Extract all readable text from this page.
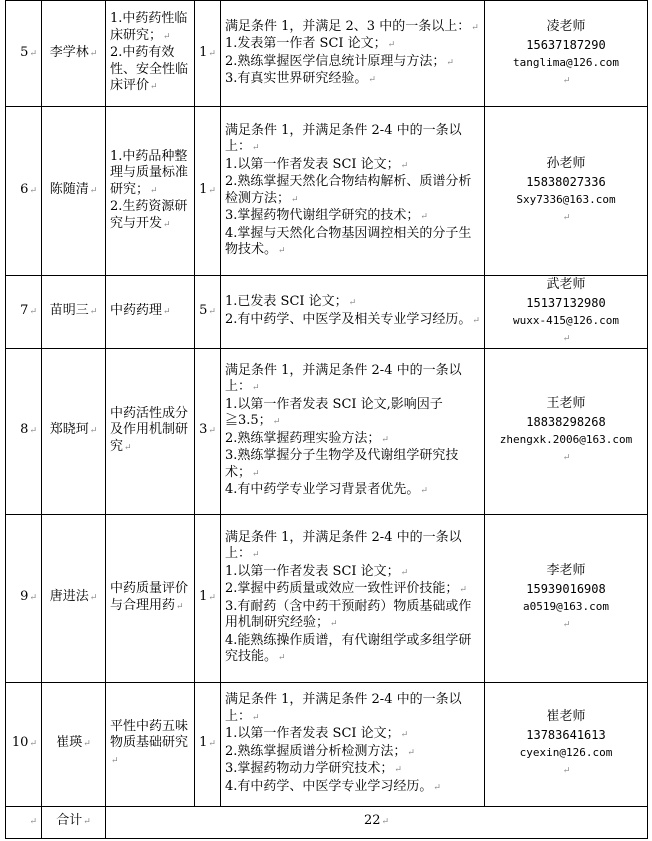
5↵	李学林↵	1.中药药性临床研究；↵
2.中药有效性、安全性临床评价↵	1↵	满足条件 1，并满足 2、3 中的一条以上：↵
1.发表第一作者 SCI 论文；↵
2.熟练掌握医学信息统计原理与方法；↵
3.有真实世界研究经验。↵	凌老师
15637187290
tanglima@126.com
↵
6↵	陈随清↵	1.中药品种整理与质量标准研究；↵
2.生药资源研究与开发↵	1↵	满足条件 1，并满足条件 2-4 中的一条以上：↵
1.以第一作者发表 SCI 论文；↵
2.熟练掌握天然化合物结构解析、质谱分析检测方法；↵
3.掌握药物代谢组学研究的技术；↵
4.掌握与天然化合物基因调控相关的分子生物技术。↵	孙老师
15838027336
Sxy7336@163.com
↵
7↵	苗明三↵	中药药理↵	5↵	1.已发表 SCI 论文；↵
2.有中药学、中医学及相关专业学习经历。↵	武老师
15137132980
wuxx-415@126.com
↵
8↵	郑晓珂↵	中药活性成分及作用机制研究↵	3↵	满足条件 1，并满足条件 2-4 中的一条以上：↵
1.以第一作者发表 SCI 论文,影响因子≧3.5；↵
2.熟练掌握药理实验方法；↵
3.熟练掌握分子生物学及代谢组学研究技术；↵
4.有中药学专业学习背景者优先。↵	王老师
18838298268
zhengxk.2006@163.com
↵
9↵	唐进法↵	中药质量评价与合理用药↵	1↵	满足条件 1，并满足条件 2-4 中的一条以上：↵
1.以第一作者发表 SCI 论文；↵
2.掌握中药质量或效应一致性评价技能；↵
3.有耐药（含中药干预耐药）物质基础或作用机制研究经验；↵
4.能熟练操作质谱，有代谢组学或多组学研究技能。↵	李老师
15939016908
a0519@163.com
↵
10↵	崔瑛↵	平性中药五味物质基础研究↵	1↵	满足条件 1，并满足条件 2-4 中的一条以上：↵
1.以第一作者发表 SCI 论文；↵
2.熟练掌握质谱分析检测方法；↵
3.掌握药物动力学研究技术；↵
4.有中药学、中医学专业学习经历。↵	崔老师
13783641613
cyexin@126.com
↵
↵	合计↵	22↵			
